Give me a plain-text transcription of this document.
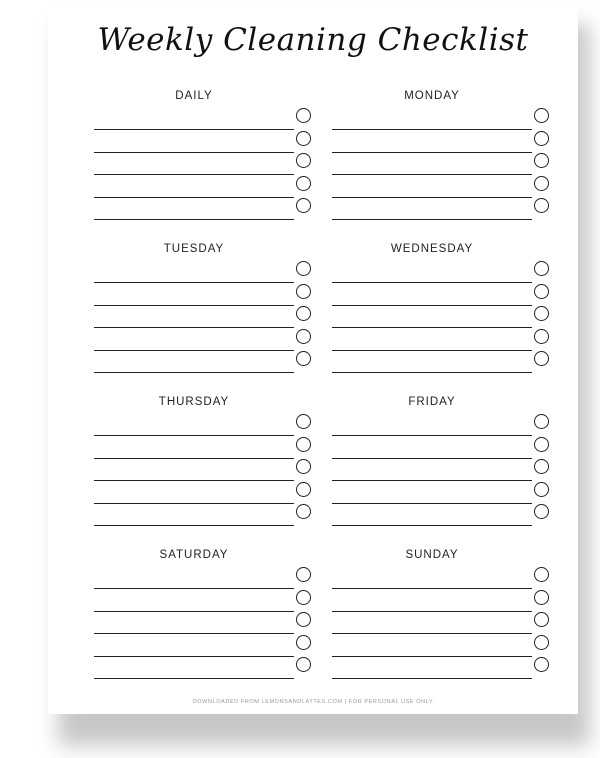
Weekly Cleaning Checklist
DAILY	MONDAY
TUESDAY	WEDNESDAY
THURSDAY	FRIDAY
SATURDAY	SUNDAY
DOWNLOADED FROM LEMONSANDLATTES.COM | FOR PERSONAL USE ONLY
